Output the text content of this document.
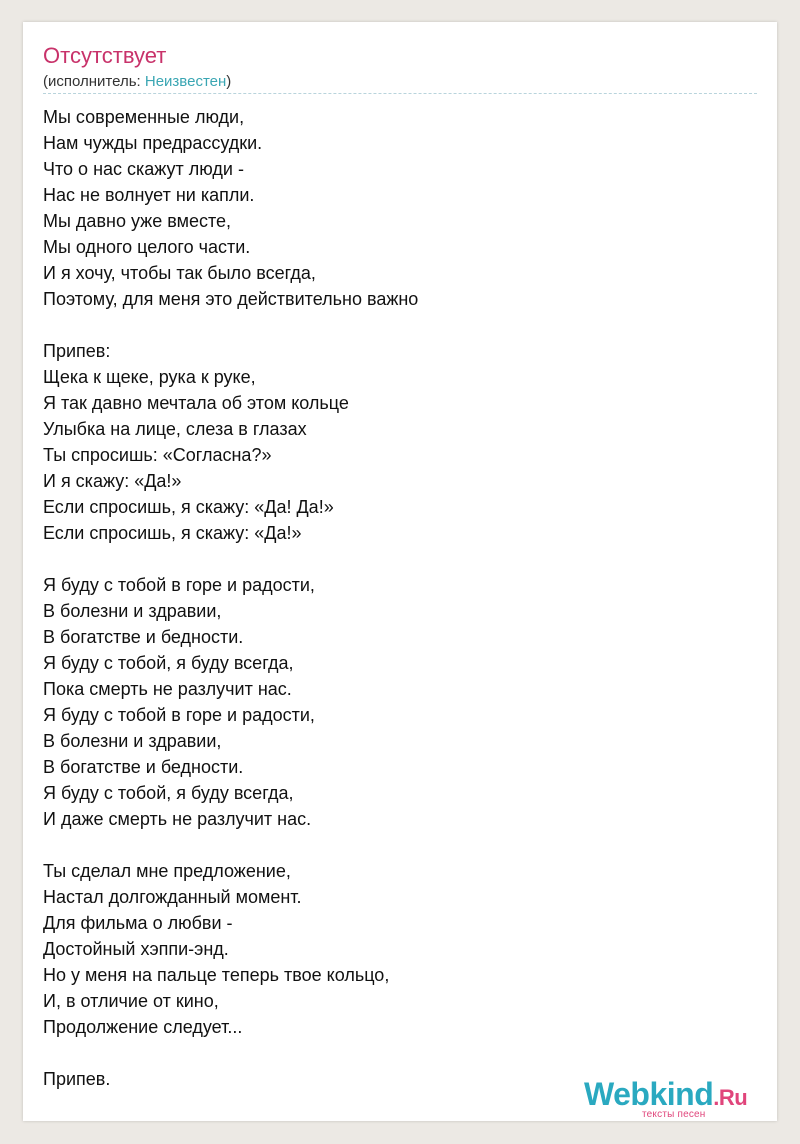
Отсутствует
(исполнитель: Неизвестен)
Мы современные люди,
Нам чужды предрассудки.
Что о нас скажут люди -
Нас не волнует ни капли.
Мы давно уже вместе,
Мы одного целого части.
И я хочу, чтобы так было всегда,
Поэтому, для меня это действительно важно
Припев:
Щека к щеке, рука к руке,
Я так давно мечтала об этом кольце
Улыбка на лице, слеза в глазах
Ты спросишь: «Согласна?»
И я скажу: «Да!»
Если спросишь, я скажу: «Да! Да!»
Если спросишь, я скажу: «Да!»
Я буду с тобой в горе и радости,
В болезни и здравии,
В богатстве и бедности.
Я буду с тобой, я буду всегда,
Пока смерть не разлучит нас.
Я буду с тобой в горе и радости,
В болезни и здравии,
В богатстве и бедности.
Я буду с тобой, я буду всегда,
И даже смерть не разлучит нас.
Ты сделал мне предложение,
Настал долгожданный момент.
Для фильма о любви -
Достойный хэппи-энд.
Но у меня на пальце теперь твое кольцо,
И, в отличие от кино,
Продолжение следует...
Припев.	Webkind.Ru
тексты песен
